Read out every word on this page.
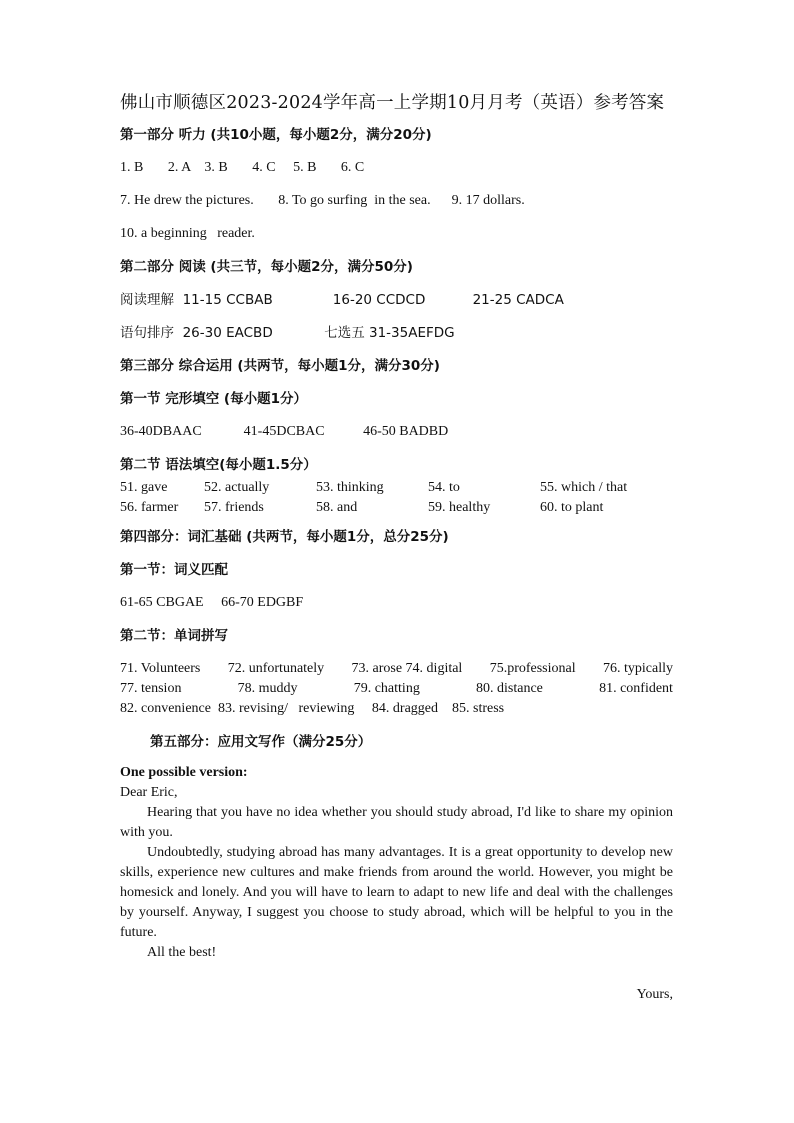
佛山市顺德区2023-2024学年高一上学期10月月考（英语）参考答案

第一部分 听力 (共10小题，每小题2分，满分20分)

1. B       2. A    3. B       4. C     5. B       6. C

7. He drew the pictures.       8. To go surfing  in the sea.      9. 17 dollars.

10. a beginning   reader.

第二部分 阅读 (共三节，每小题2分，满分50分)

阅读理解  11-15 CCBAB              16-20 CCDCD           21-25 CADCA

语句排序  26-30 EACBD            七选五 31-35AEFDG

第三部分 综合运用 (共两节，每小题1分，满分30分)

第一节 完形填空 (每小题1分）

36-40DBAAC            41-45DCBAC           46-50 BADBD

第二节 语法填空(每小题1.5分）

51. gave	52. actually	53. thinking	54. to	55. which / that
56. farmer	57. friends	58. and	59. healthy	60. to plant

第四部分：词汇基础 (共两节，每小题1分，总分25分)

第一节：词义匹配

61-65 CBGAE     66-70 EDGBF

第二节：单词拼写

71. Volunteers 72. unfortunately 73. arose 74. digital 75.professional 76. typically
77. tension	78. muddy	79. chatting	80. distance	81. confident

82. convenience  83. revising/   reviewing     84. dragged    85. stress

第五部分：应用文写作（满分25分）

One possible version:

Dear Eric,

Hearing that you have no idea whether you should study abroad, I'd like to share my opinion with you.

Undoubtedly, studying abroad has many advantages. It is a great opportunity to develop new skills, experience new cultures and make friends from around the world. However, you might be homesick and lonely. And you will have to learn to adapt to new life and deal with the challenges by yourself. Anyway, I suggest you choose to study abroad, which will be helpful to you in the future.

All the best!

Yours,
